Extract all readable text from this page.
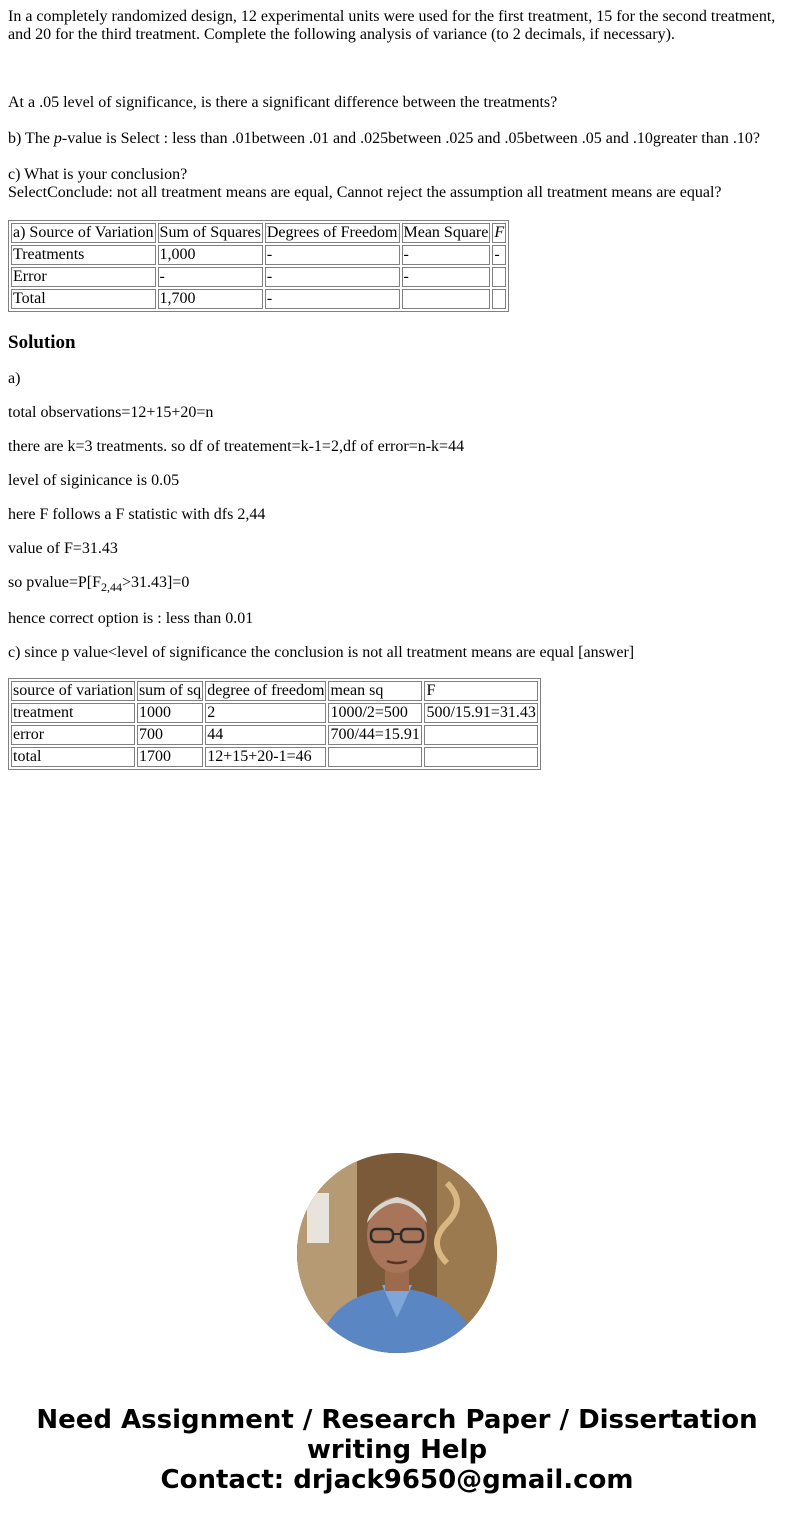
In a completely randomized design, 12 experimental units were used for the first treatment, 15 for the second treatment, and 20 for the third treatment. Complete the following analysis of variance (to 2 decimals, if necessary).

At a .05 level of significance, is there a significant difference between the treatments?

b) The p-value is Select : less than .01between .01 and .025between .025 and .05between .05 and .10greater than .10?

c) What is your conclusion?

SelectConclude: not all treatment means are equal, Cannot reject the assumption all treatment means are equal?

a) Source of Variation	Sum of Squares	Degrees of Freedom	Mean Square	F
Treatments	1,000	-	-	-
Error	-	-	-	
Total	1,700	-		
Solution

a)

total observations=12+15+20=n

there are k=3 treatments. so df of treatement=k-1=2,df of error=n-k=44

level of siginicance is 0.05

here F follows a F statistic with dfs 2,44

value of F=31.43

so $pvalue=P[F_{2,44}>31.43]=0$

hence correct option is : less than 0.01

c) since p value<level of significance the conclusion is not all treatment means are equal [answer]

source of variation	sum of sq	degree of freedom	mean sq	F
treatment	1000	2	1000/2=500	500/15.91=31.43
error	700	44	700/44=15.91	
total	1700	12+15+20-1=46		
Need Assignment / Research Paper / Dissertation
writing Help
Contact: drjack9650@gmail.com
